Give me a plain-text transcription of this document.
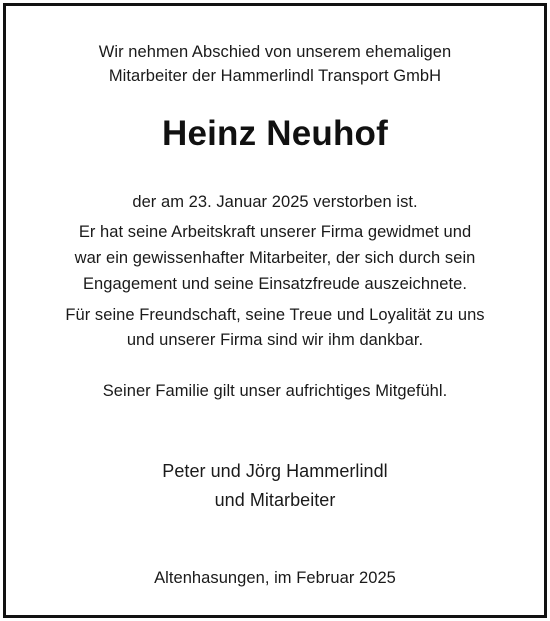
Wir nehmen Abschied von unserem ehemaligen
Mitarbeiter der Hammerlindl Transport GmbH
Heinz Neuhof
der am 23. Januar 2025 verstorben ist.
Er hat seine Arbeitskraft unserer Firma gewidmet und
war ein gewissenhafter Mitarbeiter, der sich durch sein
Engagement und seine Einsatzfreude auszeichnete.
Für seine Freundschaft, seine Treue und Loyalität zu uns
und unserer Firma sind wir ihm dankbar.
Seiner Familie gilt unser aufrichtiges Mitgefühl.
Peter und Jörg Hammerlindl
und Mitarbeiter
Altenhasungen, im Februar 2025
